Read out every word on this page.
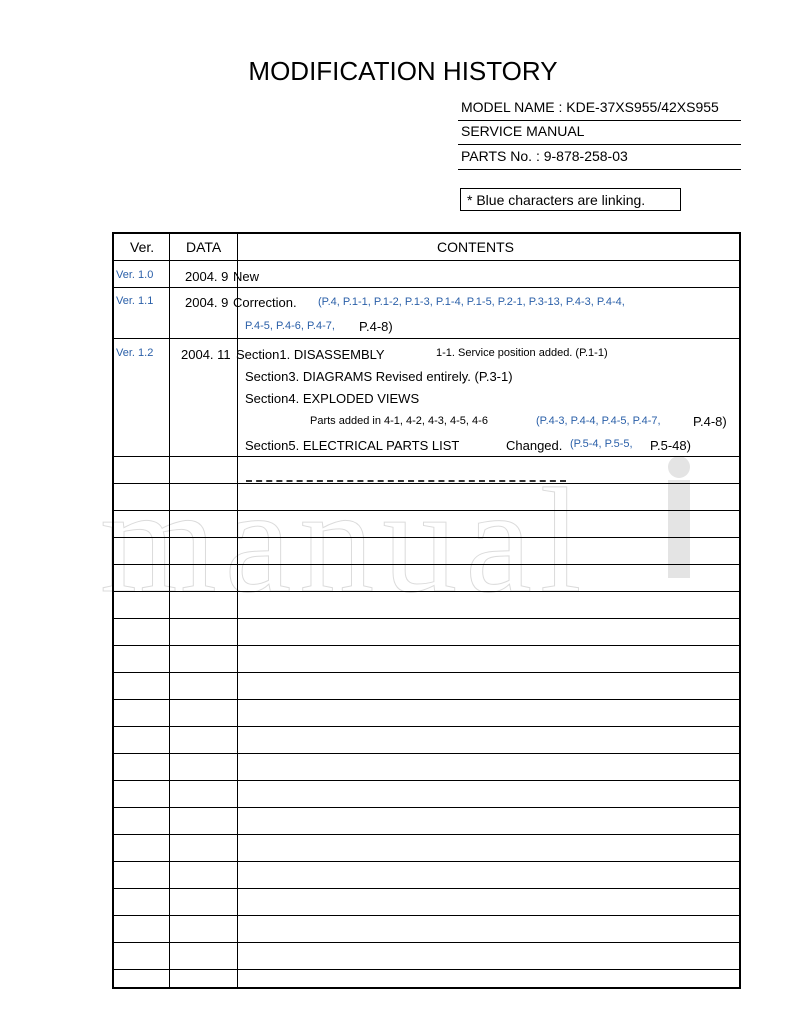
MODIFICATION HISTORY
MODEL NAME : KDE-37XS955/42XS955
SERVICE MANUAL
PARTS No. : 9-878-258-03
* Blue characters are linking.
manual
Ver. DATA	CONTENTS
Ver. 1.0 2004. 9 New
Ver. 1.1 2004. 9 Correction. (P.4, P.1-1, P.1-2, P.1-3, P.1-4, P.1-5, P.2-1, P.3-13, P.4-3, P.4-4,
P.4-5, P.4-6, P.4-7, P.4-8)
Ver. 1.2 2004. 11 Section1. DISASSEMBLY	1-1. Service position added. (P.1-1)
Section3. DIAGRAMS Revised entirely. (P.3-1)
Section4. EXPLODED VIEWS
Parts added in 4-1, 4-2, 4-3, 4-5, 4-6	(P.4-3, P.4-4, P.4-5, P.4-7, P.4-8)
Section5. ELECTRICAL PARTS LIST	Changed. (P.5-4, P.5-5, P.5-48)
